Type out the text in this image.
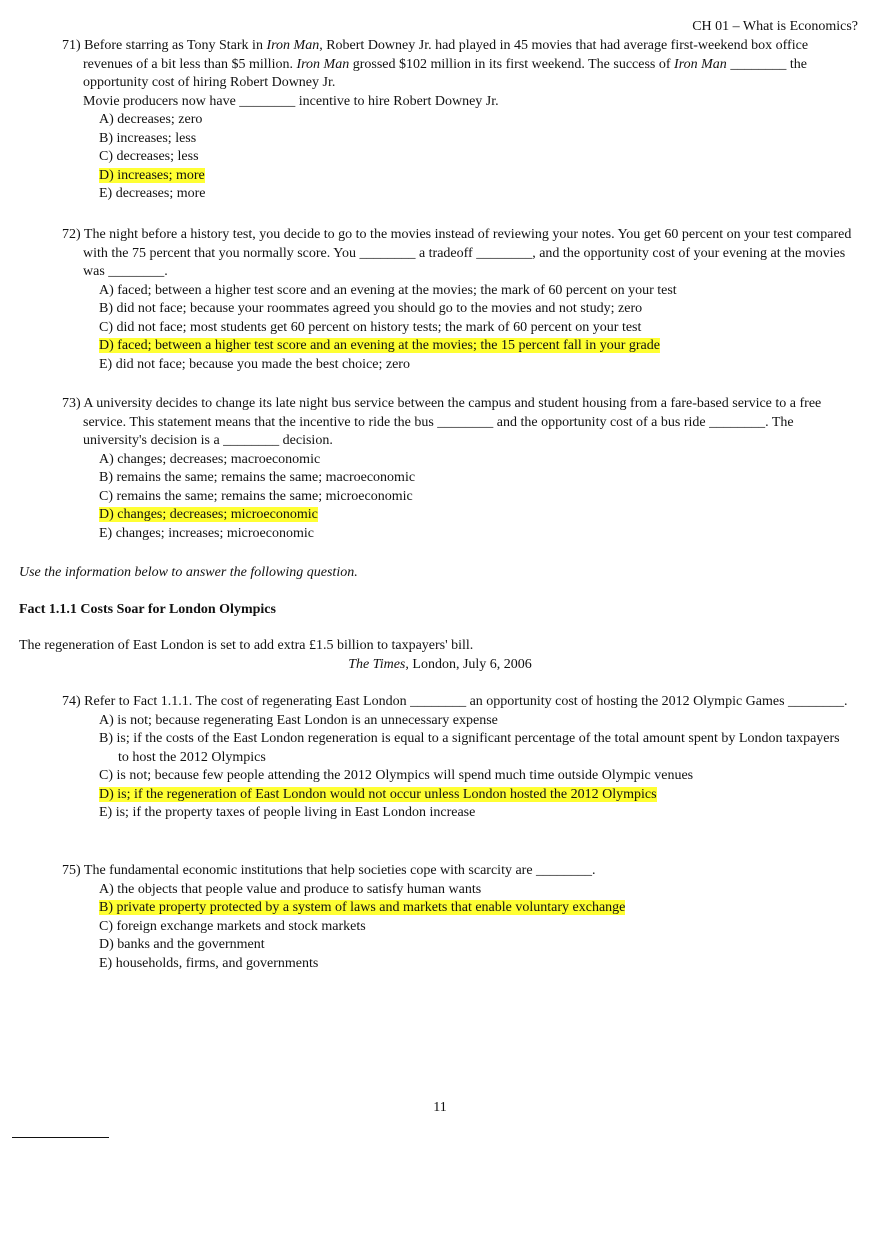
CH 01 – What is Economics?
71) Before starring as Tony Stark in Iron Man, Robert Downey Jr. had played in 45 movies that had average first-weekend box office revenues of a bit less than $5 million. Iron Man grossed $102 million in its first weekend. The success of Iron Man ________ the opportunity cost of hiring Robert Downey Jr.
Movie producers now have ________ incentive to hire Robert Downey Jr.
A) decreases; zero
B) increases; less
C) decreases; less
D) increases; more
E) decreases; more
72) The night before a history test, you decide to go to the movies instead of reviewing your notes. You get 60 percent on your test compared with the 75 percent that you normally score. You ________ a tradeoff ________, and the opportunity cost of your evening at the movies was ________.
A) faced; between a higher test score and an evening at the movies; the mark of 60 percent on your test
B) did not face; because your roommates agreed you should go to the movies and not study; zero
C) did not face; most students get 60 percent on history tests; the mark of 60 percent on your test
D) faced; between a higher test score and an evening at the movies; the 15 percent fall in your grade
E) did not face; because you made the best choice; zero
73) A university decides to change its late night bus service between the campus and student housing from a fare-based service to a free service. This statement means that the incentive to ride the bus ________ and the opportunity cost of a bus ride ________. The university's decision is a ________ decision.
A) changes; decreases; macroeconomic
B) remains the same; remains the same; macroeconomic
C) remains the same; remains the same; microeconomic
D) changes; decreases; microeconomic
E) changes; increases; microeconomic
Use the information below to answer the following question.
Fact 1.1.1 Costs Soar for London Olympics
The regeneration of East London is set to add extra £1.5 billion to taxpayers' bill.
The Times, London, July 6, 2006
74) Refer to Fact 1.1.1. The cost of regenerating East London ________ an opportunity cost of hosting the 2012 Olympic Games ________.
A) is not; because regenerating East London is an unnecessary expense
B) is; if the costs of the East London regeneration is equal to a significant percentage of the total amount spent by London taxpayers to host the 2012 Olympics
C) is not; because few people attending the 2012 Olympics will spend much time outside Olympic venues
D) is; if the regeneration of East London would not occur unless London hosted the 2012 Olympics
E) is; if the property taxes of people living in East London increase
75) The fundamental economic institutions that help societies cope with scarcity are ________.
A) the objects that people value and produce to satisfy human wants
B) private property protected by a system of laws and markets that enable voluntary exchange
C) foreign exchange markets and stock markets
D) banks and the government
E) households, firms, and governments
11
